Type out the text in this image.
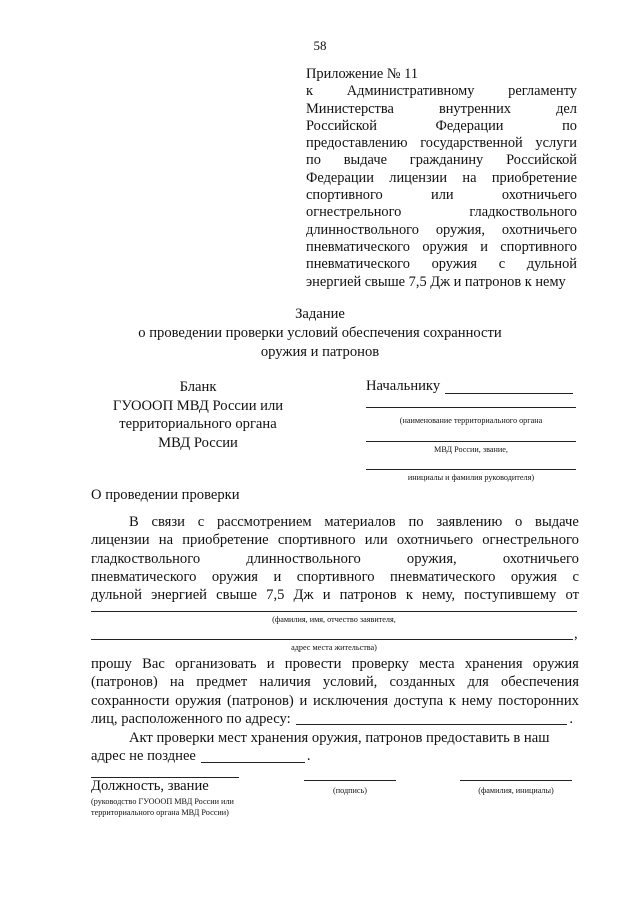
58
Приложение № 11
к Административному регламенту
Министерства	внутренних	дел
Российской	Федерации	по
предоставлению государственной услуги
по выдаче гражданину Российской
Федерации лицензии на приобретение
спортивного	или	охотничьего
огнестрельного	гладкоствольного
длинноствольного оружия, охотничьего
пневматического оружия и спортивного
пневматического оружия с дульной
энергией свыше 7,5 Дж и патронов к нему
Задание
о проведении проверки условий обеспечения сохранности
оружия и патронов
Бланк
ГУОООП МВД России или
территориального органа
МВД России
Начальнику
(наименование территориального органа
МВД России, звание,
инициалы и фамилия руководителя)
О проведении проверки
В связи с рассмотрением материалов по заявлению о выдаче
лицензии на приобретение спортивного или охотничьего огнестрельного
гладкоствольного	длинноствольного	оружия,	охотничьего
пневматического оружия и спортивного пневматического оружия с
дульной энергией свыше 7,5 Дж и патронов к нему, поступившему от
(фамилия, имя, отчество заявителя,
,
адрес места жительства)
прошу Вас организовать и провести проверку места хранения оружия
(патронов) на предмет наличия условий, созданных для обеспечения
сохранности оружия (патронов) и исключения доступа к нему посторонних
лиц, расположенного по адресу:	.
Акт проверки мест хранения оружия, патронов предоставить в наш
адрес не позднее	.
Должность, звание
(руководство ГУОООП МВД России или
территориального органа МВД России)
(подпись)	(фамилия, инициалы)
